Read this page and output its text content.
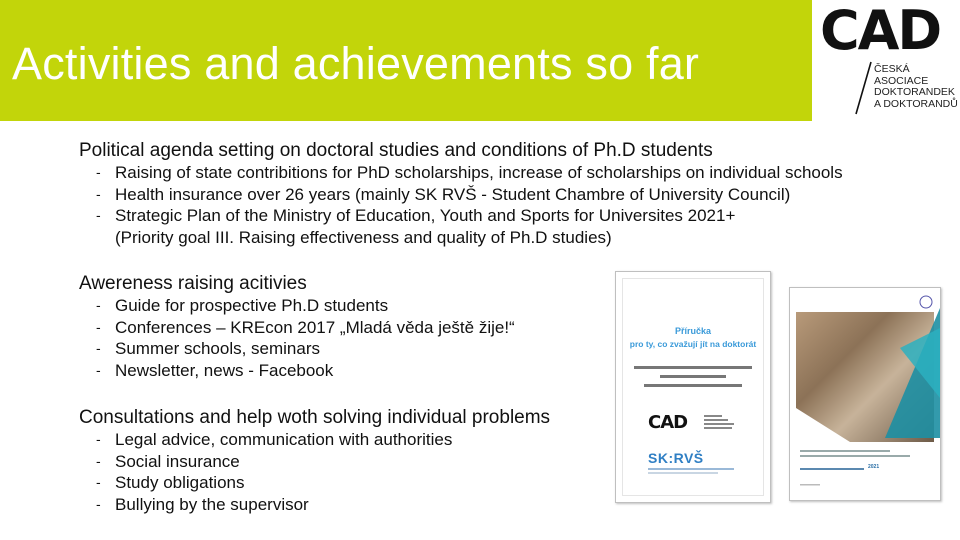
Activities and achievements so far
CAD
ČESKÁ
ASOCIACE
DOKTORANDEK
A DOKTORANDŮ
Political agenda setting on doctoral studies and conditions of Ph.D students
- Raising of state contribitions for PhD scholarships, increase of scholarships on individual schools
- Health insurance over 26 years (mainly SK RVŠ - Student Chambre of University Council)
- Strategic Plan of the Ministry of Education, Youth and Sports for Universites 2021+
(Priority goal III. Raising effectiveness and quality of Ph.D studies)
Awereness raising acitivies
- Guide for prospective Ph.D students
- Conferences – KREcon 2017 „Mladá věda ještě žije!“
- Summer schools, seminars
- Newsletter, news - Facebook
Consultations and help woth solving individual problems
- Legal advice, communication with authorities
- Social insurance
- Study obligations
- Bullying by the supervisor
Příručka
pro ty, co zvažují jít na doktorát
CAD
SK:RVŠ
2021
